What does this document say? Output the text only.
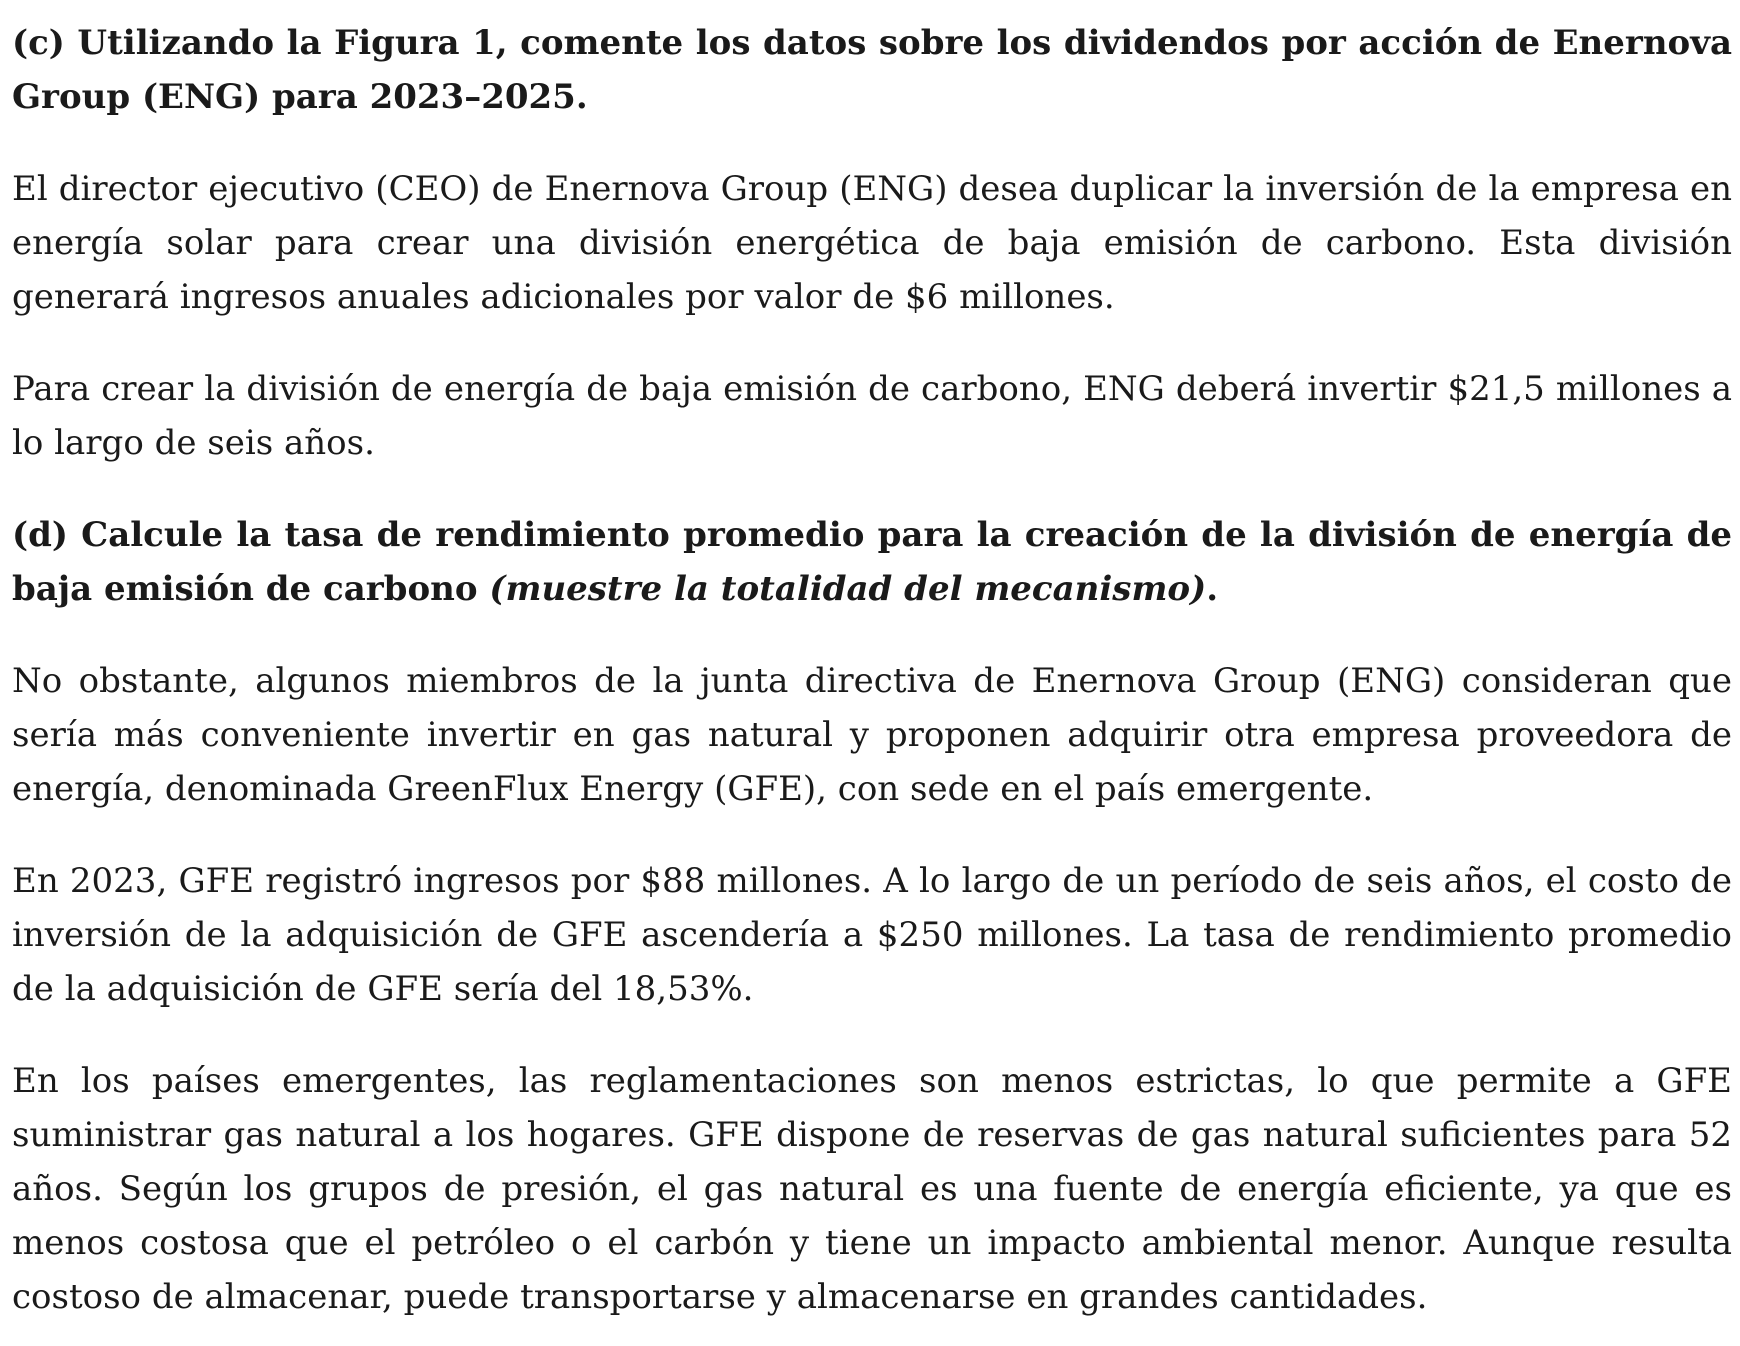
(c) Utilizando la Figura 1, comente los datos sobre los dividendos por acción de Enernova Group (ENG) para 2023–2025.

El director ejecutivo (CEO) de Enernova Group (ENG) desea duplicar la inversión de la empresa en energía solar para crear una división energética de baja emisión de carbono. Esta división generará ingresos anuales adicionales por valor de $6 millones.

Para crear la división de energía de baja emisión de carbono, ENG deberá invertir $21,5 millones a lo largo de seis años.

(d) Calcule la tasa de rendimiento promedio para la creación de la división de energía de baja emisión de carbono (muestre la totalidad del mecanismo).

No obstante, algunos miembros de la junta directiva de Enernova Group (ENG) consideran que sería más conveniente invertir en gas natural y proponen adquirir otra empresa proveedora de energía, denominada GreenFlux Energy (GFE), con sede en el país emergente.

En 2023, GFE registró ingresos por $88 millones. A lo largo de un período de seis años, el costo de inversión de la adquisición de GFE ascendería a $250 millones. La tasa de rendimiento promedio de la adquisición de GFE sería del 18,53%.

En los países emergentes, las reglamentaciones son menos estrictas, lo que permite a GFE suministrar gas natural a los hogares. GFE dispone de reservas de gas natural suficientes para 52 años. Según los grupos de presión, el gas natural es una fuente de energía eficiente, ya que es menos costosa que el petróleo o el carbón y tiene un impacto ambiental menor. Aunque resulta costoso de almacenar, puede transportarse y almacenarse en grandes cantidades.
